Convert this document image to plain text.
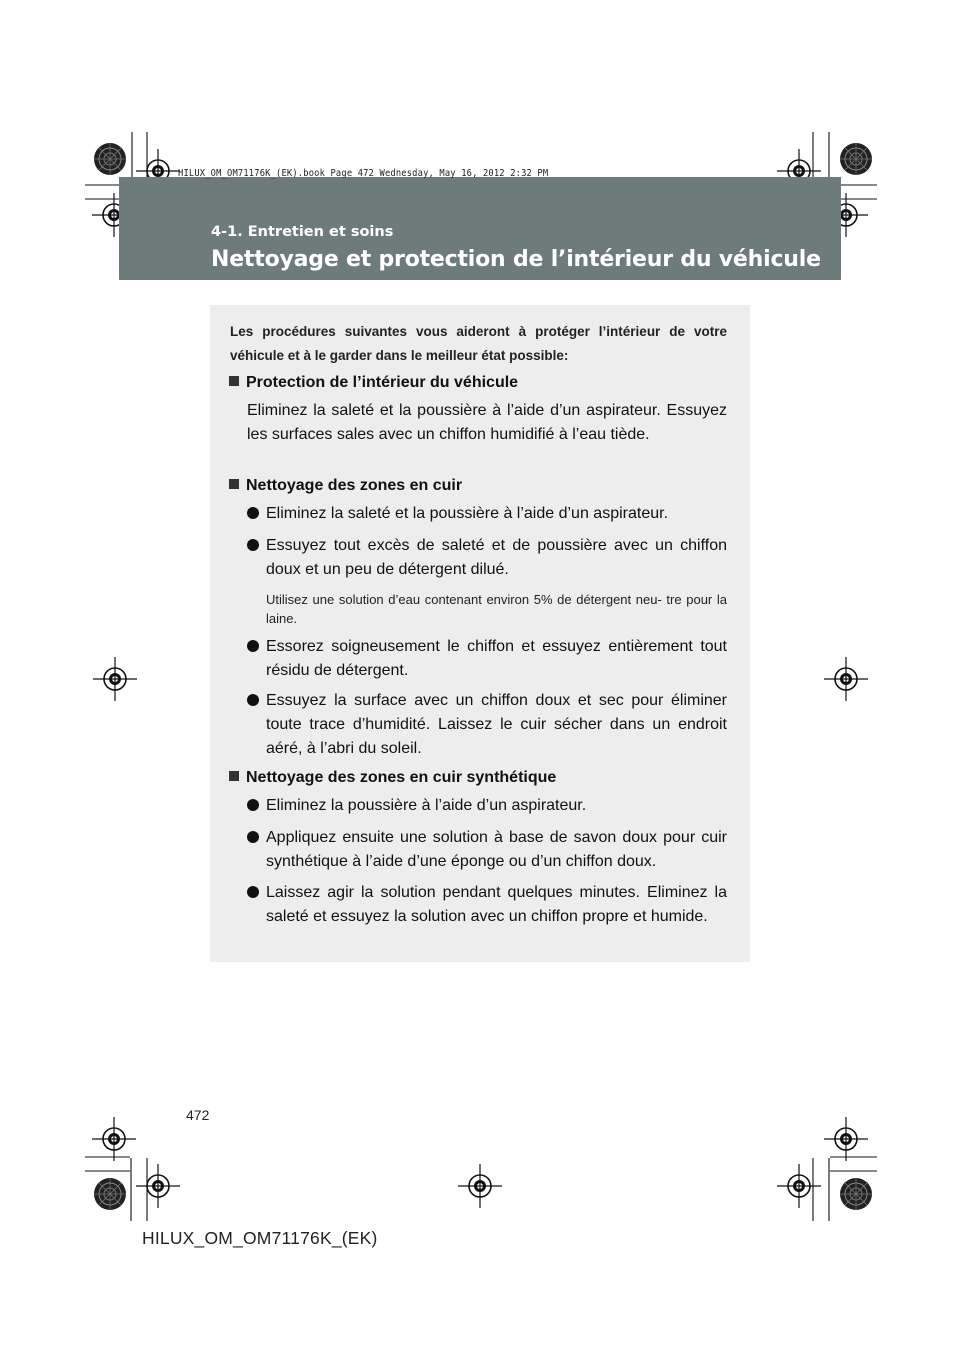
HILUX_OM_OM71176K_(EK).book Page 472 Wednesday, May 16, 2012 2:32 PM
4-1. Entretien et soins
Nettoyage et protection de l’intérieur du véhicule
Les procédures suivantes vous aideront à protéger l’intérieur de votre véhicule et à le garder dans le meilleur état possible:
Protection de l’intérieur du véhicule
Eliminez la saleté et la poussière à l’aide d’un aspirateur. Essuyez les surfaces sales avec un chiffon humidifié à l’eau tiède.
Nettoyage des zones en cuir
Eliminez la saleté et la poussière à l’aide d’un aspirateur.
Essuyez tout excès de saleté et de poussière avec un chiffon doux et un peu de détergent dilué.
Utilisez une solution d’eau contenant environ 5% de détergent neu- tre pour la laine.
Essorez soigneusement le chiffon et essuyez entièrement tout résidu de détergent.
Essuyez la surface avec un chiffon doux et sec pour éliminer toute trace d’humidité. Laissez le cuir sécher dans un endroit aéré, à l’abri du soleil.
Nettoyage des zones en cuir synthétique
Eliminez la poussière à l’aide d’un aspirateur.
Appliquez ensuite une solution à base de savon doux pour cuir synthétique à l’aide d’une éponge ou d’un chiffon doux.
Laissez agir la solution pendant quelques minutes. Eliminez la saleté et essuyez la solution avec un chiffon propre et humide.
472
HILUX_OM_OM71176K_(EK)
